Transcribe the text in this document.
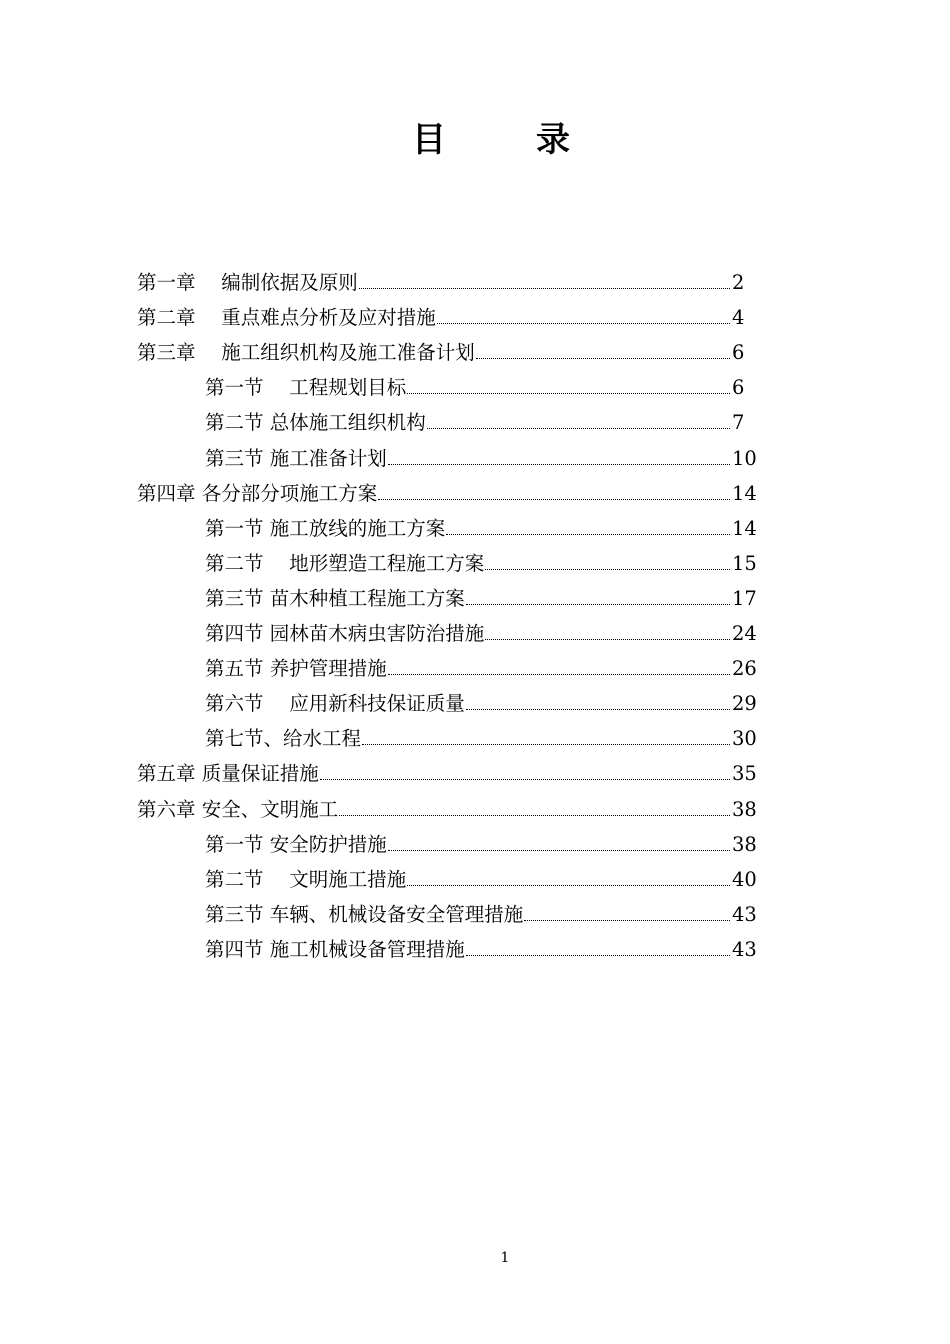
目　录
第一章　 编制依据及原则	2
第二章　 重点难点分析及应对措施	4
第三章　 施工组织机构及施工准备计划	6
第一节　 工程规划目标	6
第二节 总体施工组织机构	7
第三节 施工准备计划	10
第四章 各分部分项施工方案	14
第一节 施工放线的施工方案	14
第二节　 地形塑造工程施工方案	15
第三节 苗木种植工程施工方案	17
第四节 园林苗木病虫害防治措施	24
第五节 养护管理措施	26
第六节　 应用新科技保证质量	29
第七节、给水工程	30
第五章 质量保证措施	35
第六章 安全、文明施工	38
第一节 安全防护措施	38
第二节　 文明施工措施	40
第三节 车辆、机械设备安全管理措施	43
第四节 施工机械设备管理措施	43
1
